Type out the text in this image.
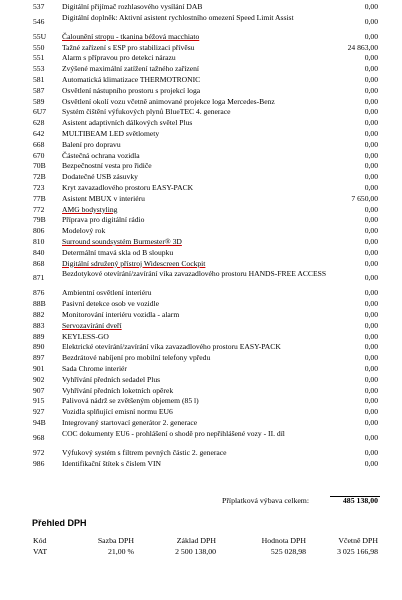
537 Digitální přijímač rozhlasového vysílání DAB	0,00
546 Digitální doplněk: Aktivní asistent rychlostního omezení Speed Limit Assist	0,00
55U Čalounění stropu - tkanina béžová macchiato	0,00
550 Tažné zařízení s ESP pro stabilizaci přívěsu	24 863,00
551 Alarm s přípravou pro detekci nárazu	0,00
553 Zvýšené maximální zatížení tažného zařízení	0,00
581 Automatická klimatizace THERMOTRONIC	0,00
587 Osvětlení nástupního prostoru s projekcí loga	0,00
589 Osvětlení okolí vozu včetně animované projekce loga Mercedes-Benz	0,00
6U7 Systém čištění výfukových plynů BlueTEC 4. generace	0,00
628 Asistent adaptivních dálkových světel Plus	0,00
642 MULTIBEAM LED světlomety	0,00
668 Balení pro dopravu	0,00
670 Částečná ochrana vozidla	0,00
70B Bezpečnostní vesta pro řidiče	0,00
72B Dodatečné USB zásuvky	0,00
723 Kryt zavazadlového prostoru EASY-PACK	0,00
77B Asistent MBUX v interiéru	7 650,00
772 AMG bodystyling	0,00
79B Příprava pro digitální rádio	0,00
806 Modelový rok	0,00
810 Surround soundsystém Burmester® 3D	0,00
840 Determální tmavá skla od B sloupku	0,00
868 Digitální sdružený přístroj Widescreen Cockpit	0,00
871 Bezdotykové otevírání/zavírání víka zavazadlového prostoru HANDS-FREE ACCESS	0,00
876 Ambientní osvětlení interiéru	0,00
88B Pasivní detekce osob ve vozidle	0,00
882 Monitorování interiéru vozidla - alarm	0,00
883 Servozavírání dveří	0,00
889 KEYLESS-GO	0,00
890 Elektrické otevírání/zavírání víka zavazadlového prostoru EASY-PACK	0,00
897 Bezdrátové nabíjení pro mobilní telefony vpředu	0,00
901 Sada Chrome interiér	0,00
902 Vyhřívání předních sedadel Plus	0,00
907 Vyhřívání předních loketních opěrek	0,00
915 Palivová nádrž se zvětšeným objemem (85 l)	0,00
927 Vozidla splňující emisní normu EU6	0,00
94B Integrovaný startovací generátor 2. generace	0,00
968 COC dokumenty EU6 - prohlášení o shodě pro nepřihlášené vozy - II. díl	0,00
972 Výfukový systém s filtrem pevných částic 2. generace	0,00
986 Identifikační štítek s číslem VIN	0,00
Příplatková výbava celkem:	485 138,00
Přehled DPH
Kód	Sazba DPH	Základ DPH	Hodnota DPH	Včetně DPH
VAT	21,00 %	2 500 138,00	525 028,98	3 025 166,98
